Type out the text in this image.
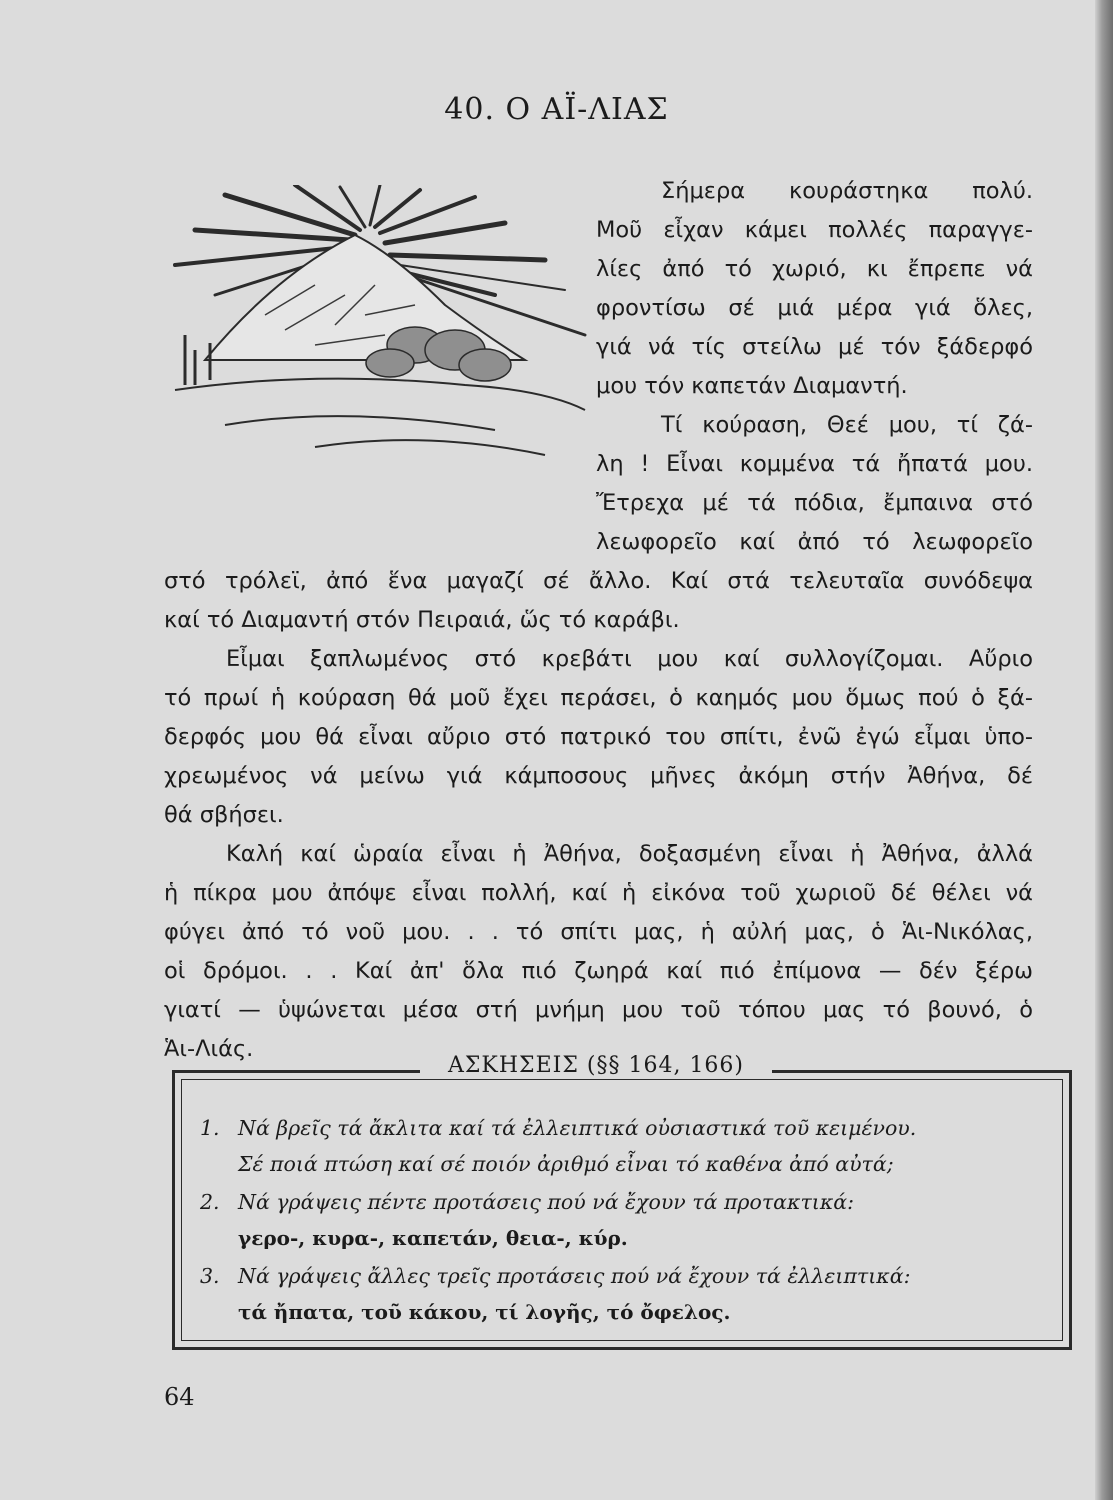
40. Ο ΑΪ-ΛΙΑΣ
Σήμερα κουράστηκα πολύ.
Μοῦ εἶχαν κάμει πολλές παραγγε-
λίες ἀπό τό χωριό, κι ἔπρεπε νά
φροντίσω σέ μιά μέρα γιά ὅλες,
γιά νά τίς στείλω μέ τόν ξάδερφό
μου τόν καπετάν Διαμαντή.
Τί κούραση, Θεέ μου, τί ζά-
λη ! Εἶναι κομμένα τά ἤπατά μου.
Ἔτρεχα μέ τά πόδια, ἔμπαινα στό
λεωφορεῖο καί ἀπό τό λεωφορεῖο
στό τρόλεϊ, ἀπό ἕνα μαγαζί σέ ἄλλο. Καί στά τελευταῖα συνόδεψα
καί τό Διαμαντή στόν Πειραιά, ὥς τό καράβι.
Εἶμαι ξαπλωμένος στό κρεβάτι μου καί συλλογίζομαι. Αὔριο
τό πρωί ἡ κούραση θά μοῦ ἔχει περάσει, ὁ καημός μου ὅμως πού ὁ ξά-
δερφός μου θά εἶναι αὔριο στό πατρικό του σπίτι, ἐνῶ ἐγώ εἶμαι ὑπο-
χρεωμένος νά μείνω γιά κάμποσους μῆνες ἀκόμη στήν Ἀθήνα, δέ
θά σβήσει.
Καλή καί ὡραία εἶναι ἡ Ἀθήνα, δοξασμένη εἶναι ἡ Ἀθήνα, ἀλλά
ἡ πίκρα μου ἀπόψε εἶναι πολλή, καί ἡ εἰκόνα τοῦ χωριοῦ δέ θέλει νά
φύγει ἀπό τό νοῦ μου. . . τό σπίτι μας, ἡ αὐλή μας, ὁ Ἁι-Νικόλας,
οἱ δρόμοι. . . Καί ἀπ' ὅλα πιό ζωηρά καί πιό ἐπίμονα — δέν ξέρω
γιατί — ὑψώνεται μέσα στή μνήμη μου τοῦ τόπου μας τό βουνό, ὁ
Ἁι-Λιάς.
ΑΣΚΗΣΕΙΣ (§§ 164, 166)
1. Νά βρεῖς τά ἄκλιτα καί τά ἐλλειπτικά οὐσιαστικά τοῦ κειμένου.
Σέ ποιά πτώση καί σέ ποιόν ἀριθμό εἶναι τό καθένα ἀπό αὐτά;
2. Νά γράψεις πέντε προτάσεις πού νά ἔχουν τά προτακτικά:
γερο-, κυρα-, καπετάν, θεια-, κύρ.
3. Νά γράψεις ἄλλες τρεῖς προτάσεις πού νά ἔχουν τά ἐλλειπτικά:
τά ἤπατα, τοῦ κάκου, τί λογῆς, τό ὄφελος.
64
